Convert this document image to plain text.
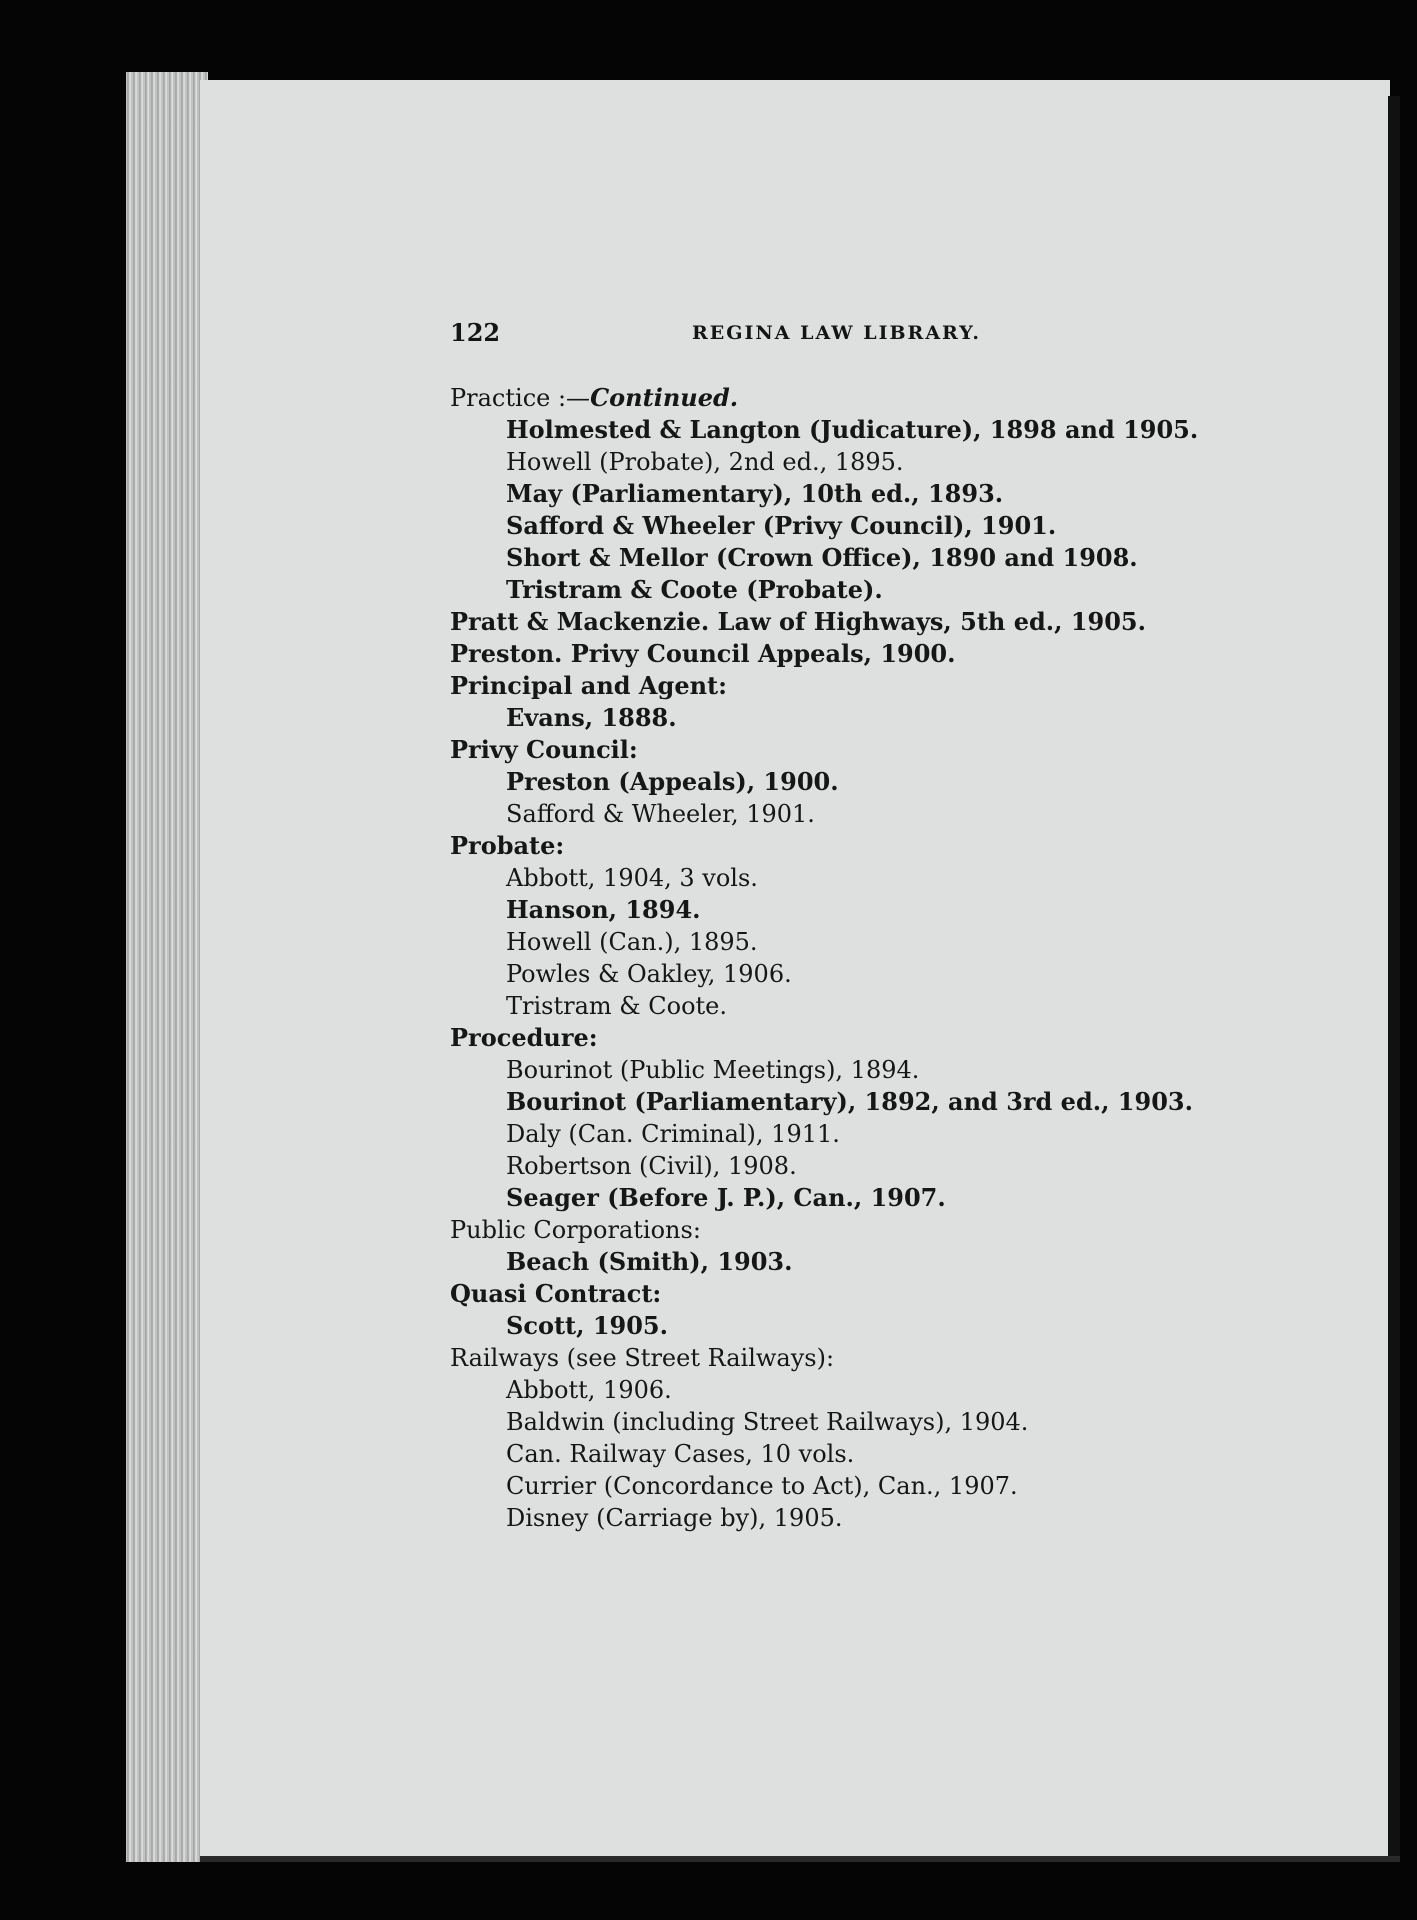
122	REGINA LAW LIBRARY.
Practice :—Continued.
Holmested & Langton (Judicature), 1898 and 1905.
Howell (Probate), 2nd ed., 1895.
May (Parliamentary), 10th ed., 1893.
Safford & Wheeler (Privy Council), 1901.
Short & Mellor (Crown Office), 1890 and 1908.
Tristram & Coote (Probate).
Pratt & Mackenzie. Law of Highways, 5th ed., 1905.
Preston. Privy Council Appeals, 1900.
Principal and Agent:
Evans, 1888.
Privy Council:
Preston (Appeals), 1900.
Safford & Wheeler, 1901.
Probate:
Abbott, 1904, 3 vols.
Hanson, 1894.
Howell (Can.), 1895.
Powles & Oakley, 1906.
Tristram & Coote.
Procedure:
Bourinot (Public Meetings), 1894.
Bourinot (Parliamentary), 1892, and 3rd ed., 1903.
Daly (Can. Criminal), 1911.
Robertson (Civil), 1908.
Seager (Before J. P.), Can., 1907.
Public Corporations:
Beach (Smith), 1903.
Quasi Contract:
Scott, 1905.
Railways (see Street Railways):
Abbott, 1906.
Baldwin (including Street Railways), 1904.
Can. Railway Cases, 10 vols.
Currier (Concordance to Act), Can., 1907.
Disney (Carriage by), 1905.
